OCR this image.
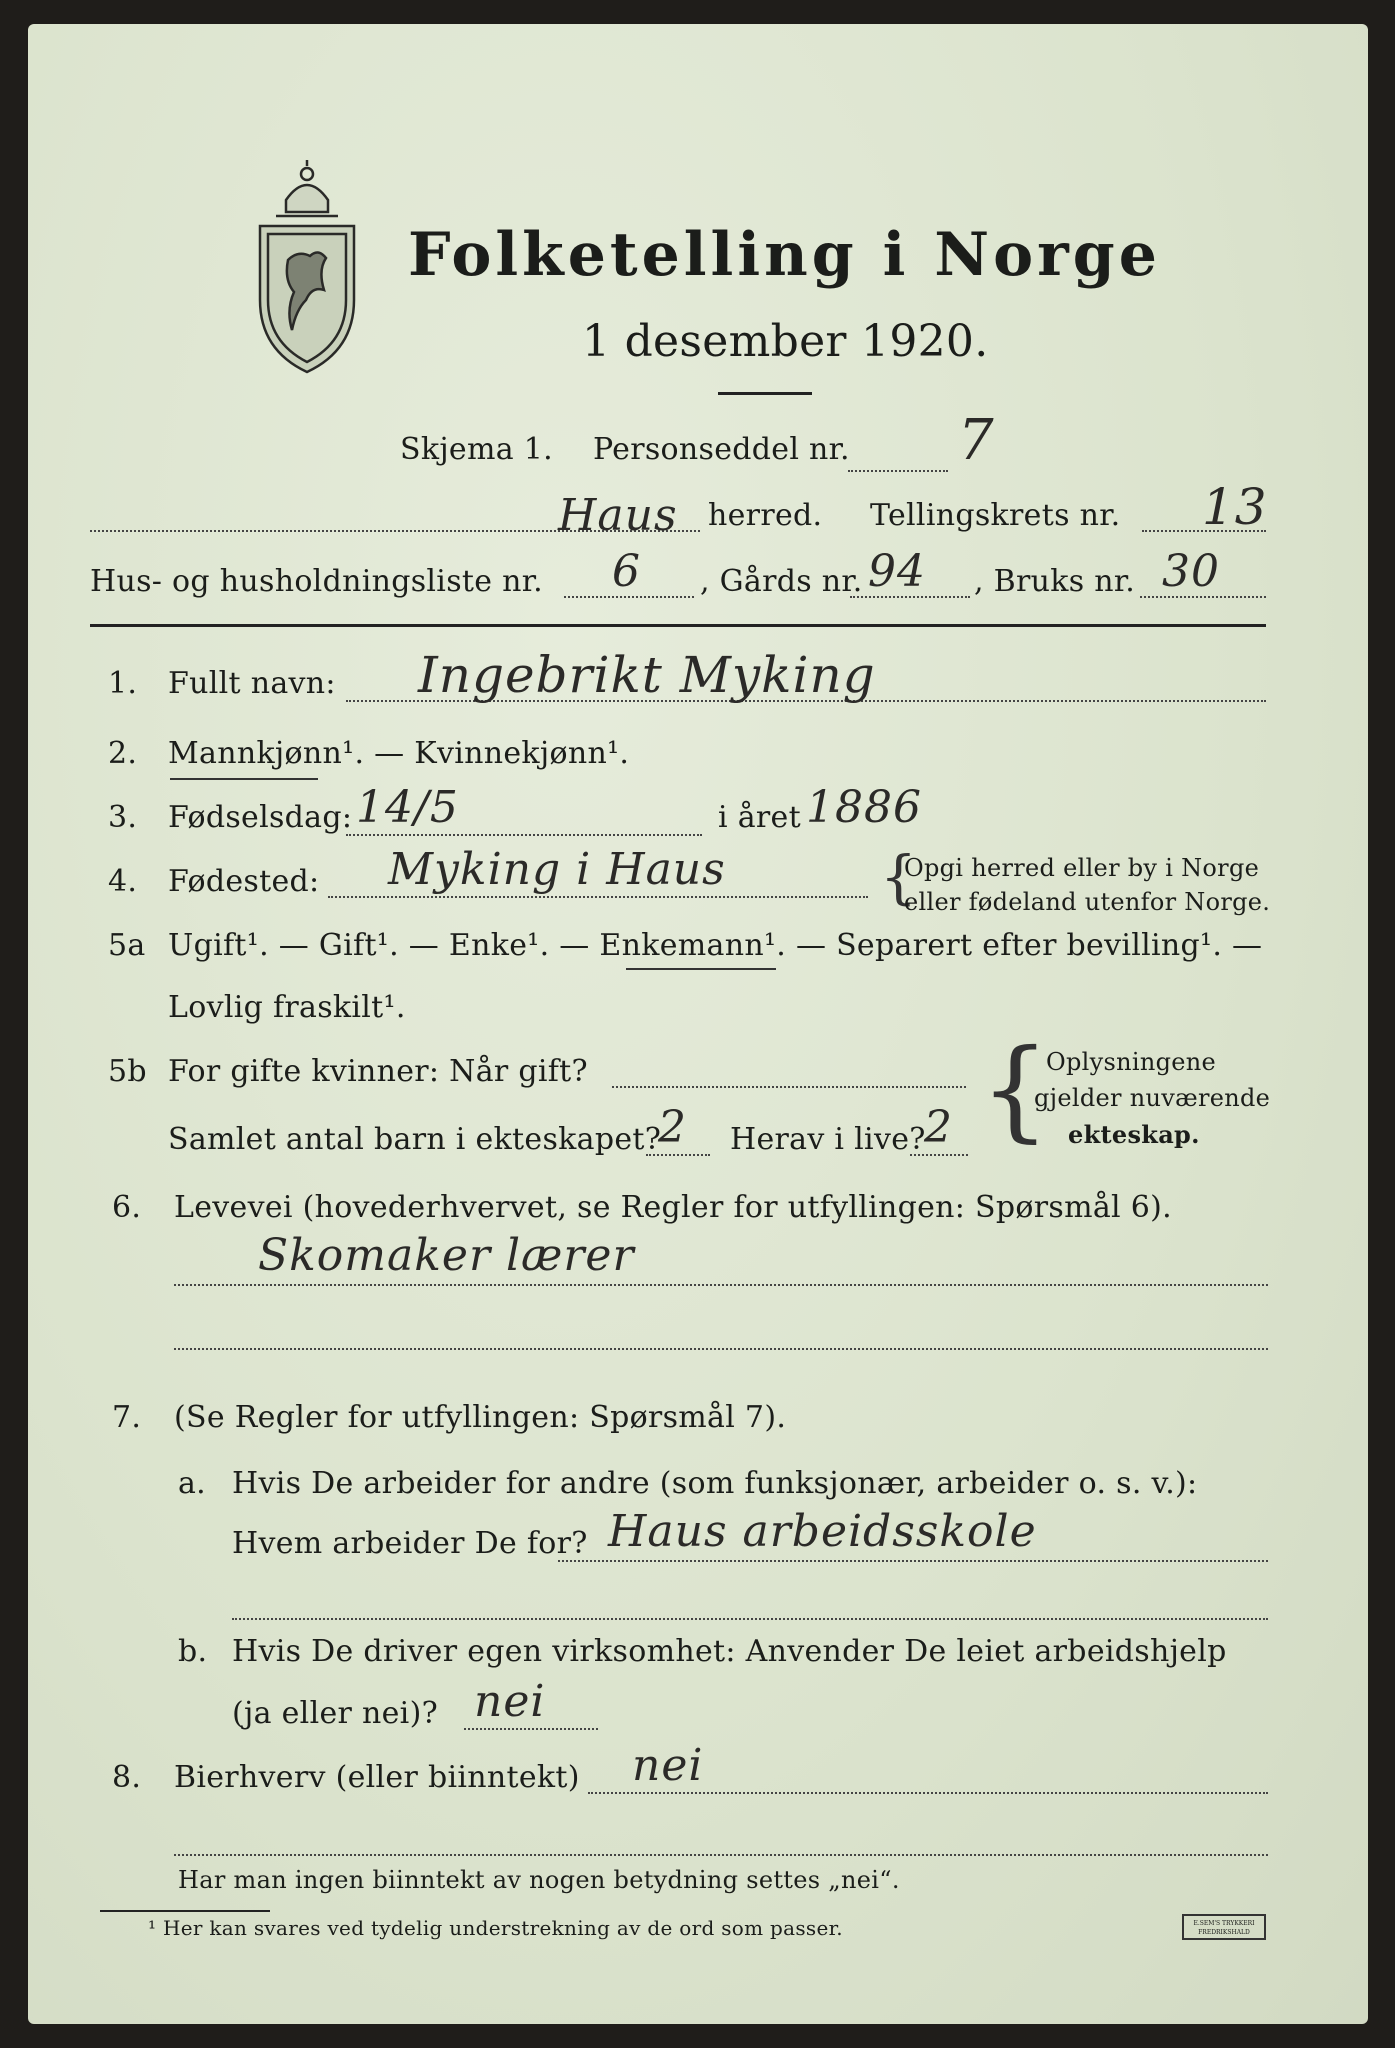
Folketelling i Norge
1 desember 1920.
Skjema 1. Personseddel nr. 7
Haus herred. Tellingskrets nr. 13
Hus- og husholdningsliste nr. 6 , Gårds nr. 94 , Bruks nr. 30
1. Fullt navn: Ingebrikt Myking
2. Mannkjønn¹. — Kvinnekjønn¹.
3. Fødselsdag: 14/5	i året 1886
4. Fødested: Myking i Haus	{
Opgi herred eller by i Norge
eller fødeland utenfor Norge.
5a Ugift¹. — Gift¹. — Enke¹. — Enkemann¹. — Separert efter bevilling¹. —
Lovlig fraskilt¹.
5b For gifte kvinner: Når gift?
Samlet antal barn i ekteskapet?
2 Herav i live?
2 {
Oplysningene
gjelder nuværende
ekteskap.
6. Levevei (hovederhvervet, se Regler for utfyllingen: Spørsmål 6).
Skomaker lærer
7. (Se Regler for utfyllingen: Spørsmål 7).
a. Hvis De arbeider for andre (som funksjonær, arbeider o. s. v.):
Hvem arbeider De for? Haus arbeidsskole
b. Hvis De driver egen virksomhet: Anvender De leiet arbeidshjelp
(ja eller nei)? nei
8. Bierhverv (eller biinntekt) nei
Har man ingen biinntekt av nogen betydning settes „nei“.
¹ Her kan svares ved tydelig understrekning av de ord som passer.	E.SEM'S TRYKKERI FREDRIKSHALD
